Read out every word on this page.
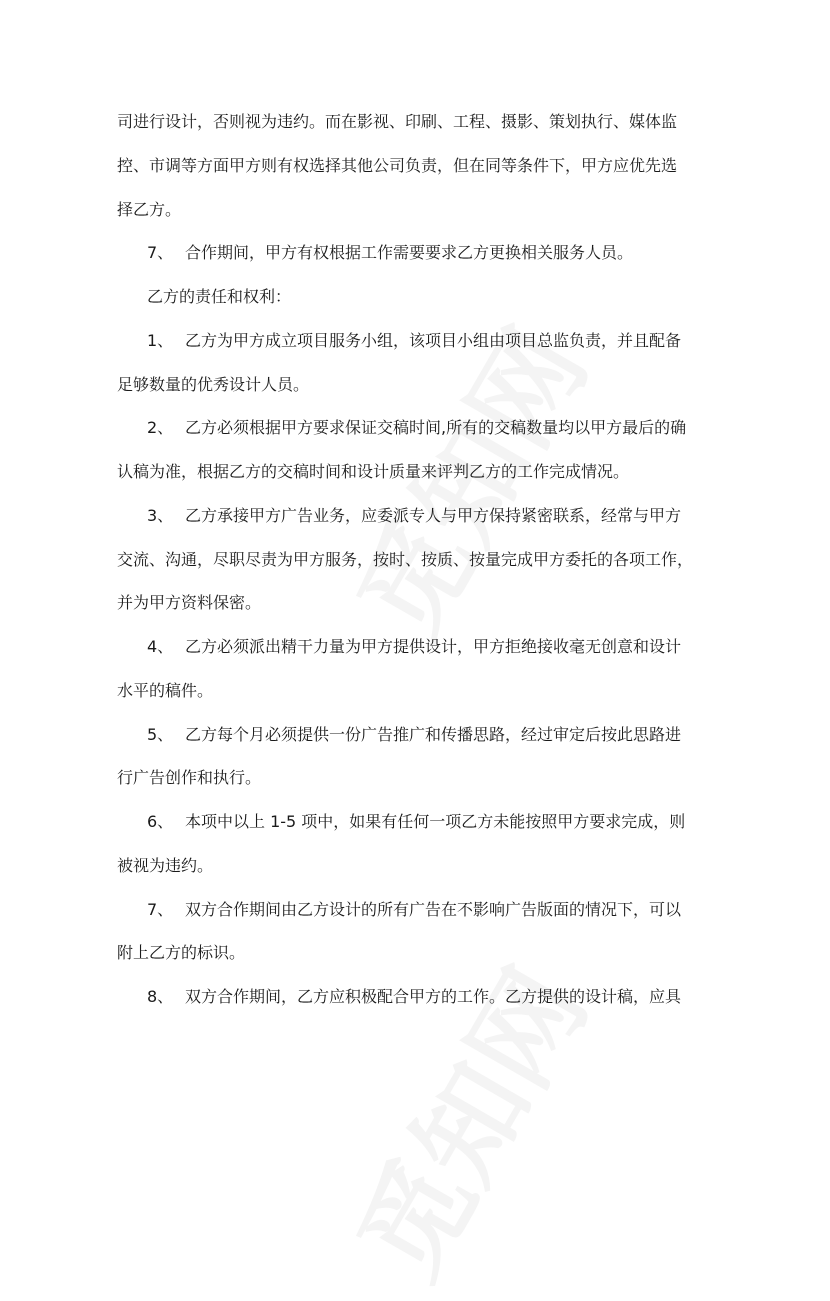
司进行设计，否则视为违约。而在影视、印刷、工程、摄影、策划执行、媒体监
控、市调等方面甲方则有权选择其他公司负责，但在同等条件下，甲方应优先选
择乙方。
7、 合作期间，甲方有权根据工作需要要求乙方更换相关服务人员。
乙方的责任和权利：
1、 乙方为甲方成立项目服务小组，该项目小组由项目总监负责，并且配备
足够数量的优秀设计人员。
2、 乙方必须根据甲方要求保证交稿时间,所有的交稿数量均以甲方最后的确
认稿为准，根据乙方的交稿时间和设计质量来评判乙方的工作完成情况。
3、 乙方承接甲方广告业务，应委派专人与甲方保持紧密联系，经常与甲方
交流、沟通，尽职尽责为甲方服务，按时、按质、按量完成甲方委托的各项工作，
并为甲方资料保密。
4、 乙方必须派出精干力量为甲方提供设计，甲方拒绝接收毫无创意和设计
水平的稿件。
5、 乙方每个月必须提供一份广告推广和传播思路，经过审定后按此思路进
行广告创作和执行。
6、 本项中以上 1-5 项中，如果有任何一项乙方未能按照甲方要求完成，则
被视为违约。
7、 双方合作期间由乙方设计的所有广告在不影响广告版面的情况下，可以
附上乙方的标识。
8、 双方合作期间，乙方应积极配合甲方的工作。乙方提供的设计稿，应具
